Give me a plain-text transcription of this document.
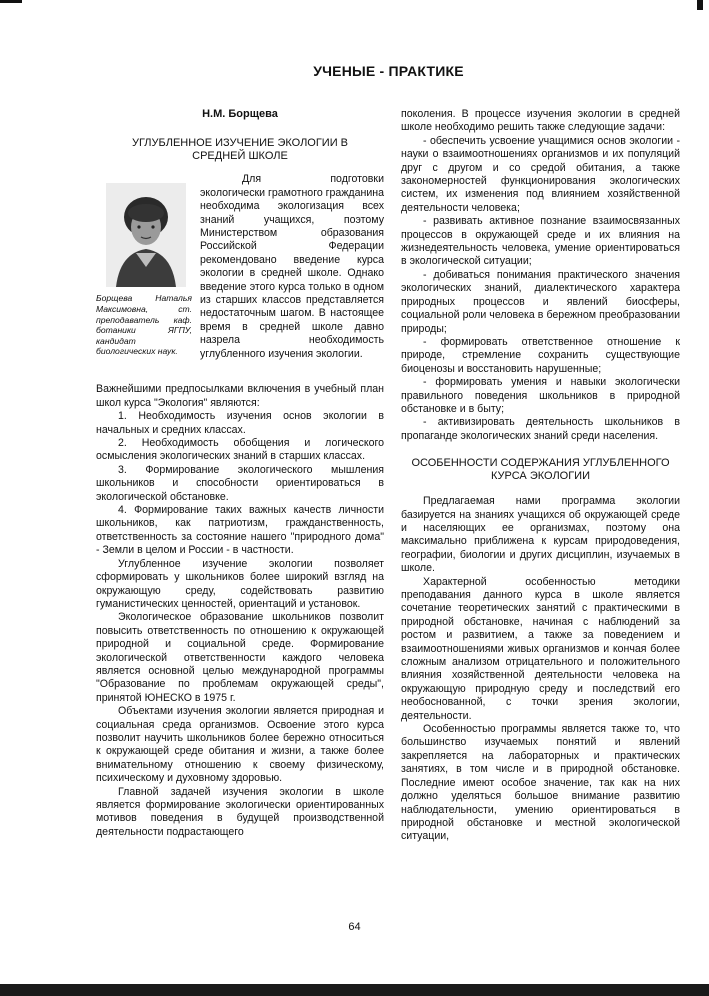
УЧЕНЫЕ - ПРАКТИКЕ

Н.М. Борщева

УГЛУБЛЕННОЕ ИЗУЧЕНИЕ ЭКОЛОГИИ В СРЕДНЕЙ ШКОЛЕ

Борщева Наталья Максимовна, ст. преподаватель каф. ботаники ЯГПУ, кандидат биологических наук.

Для подготовки экологически грамотного гражданина необходима экологизация всех знаний учащихся, поэтому Министерством образования Российской Федерации рекомендовано введение курса экологии в средней школе. Однако введение этого курса только в одном из старших классов представляется недостаточным шагом. В настоящее время в средней школе давно назрела необходимость углубленного изучения экологии.

Важнейшими предпосылками включения в учебный план школ курса "Экология" являются:

1. Необходимость изучения основ экологии в начальных и средних классах.

2. Необходимость обобщения и логического осмысления экологических знаний в старших классах.

3. Формирование экологического мышления школьников и способности ориентироваться в экологической обстановке.

4. Формирование таких важных качеств личности школьников, как патриотизм, гражданственность, ответственность за состояние нашего "природного дома" - Земли в целом и России - в частности.

Углубленное изучение экологии позволяет сформировать у школьников более широкий взгляд на окружающую среду, содействовать развитию гуманистических ценностей, ориентаций и установок.

Экологическое образование школьников позволит повысить ответственность по отношению к окружающей природной и социальной среде. Формирование экологической ответственности каждого человека является основной целью международной программы "Образование по проблемам окружающей среды", принятой ЮНЕСКО в 1975 г.

Объектами изучения экологии является природная и социальная среда организмов. Освоение этого курса позволит научить школьников более бережно относиться к окружающей среде обитания и жизни, а также более внимательному отношению к своему физическому, психическому и духовному здоровью.

Главной задачей изучения экологии в школе является формирование экологически ориентированных мотивов поведения в будущей производственной деятельности подрастающего

поколения. В процессе изучения экологии в средней школе необходимо решить также следующие задачи:

- обеспечить усвоение учащимися основ экологии - науки о взаимоотношениях организмов и их популяций друг с другом и со средой обитания, а также закономерностей функционирования экологических систем, их изменения под влиянием хозяйственной деятельности человека;

- развивать активное познание взаимосвязанных процессов в окружающей среде и их влияния на жизнедеятельность человека, умение ориентироваться в экологической ситуации;

- добиваться понимания практического значения экологических знаний, диалектического характера природных процессов и явлений биосферы, социальной роли человека в бережном преобразовании природы;

- формировать ответственное отношение к природе, стремление сохранить существующие биоценозы и восстановить нарушенные;

- формировать умения и навыки экологически правильного поведения школьников в природной обстановке и в быту;

- активизировать деятельность школьников в пропаганде экологических знаний среди населения.

ОСОБЕННОСТИ СОДЕРЖАНИЯ УГЛУБЛЕННОГО КУРСА ЭКОЛОГИИ

Предлагаемая нами программа экологии базируется на знаниях учащихся об окружающей среде и населяющих ее организмах, поэтому она максимально приближена к курсам природоведения, географии, биологии и других дисциплин, изучаемых в школе.

Характерной особенностью методики преподавания данного курса в школе является сочетание теоретических занятий с практическими в природной обстановке, начиная с наблюдений за ростом и развитием, а также за поведением и взаимоотношениями живых организмов и кончая более сложным анализом отрицательного и положительного влияния хозяйственной деятельности человека на окружающую природную среду и последствий его необоснованной, с точки зрения экологии, деятельности.

Особенностью программы является также то, что большинство изучаемых понятий и явлений закрепляется на лабораторных и практических занятиях, в том числе и в природной обстановке. Последние имеют особое значение, так как на них должно уделяться большое внимание развитию наблюдательности, умению ориентироваться в природной обстановке и местной экологической ситуации,

64
